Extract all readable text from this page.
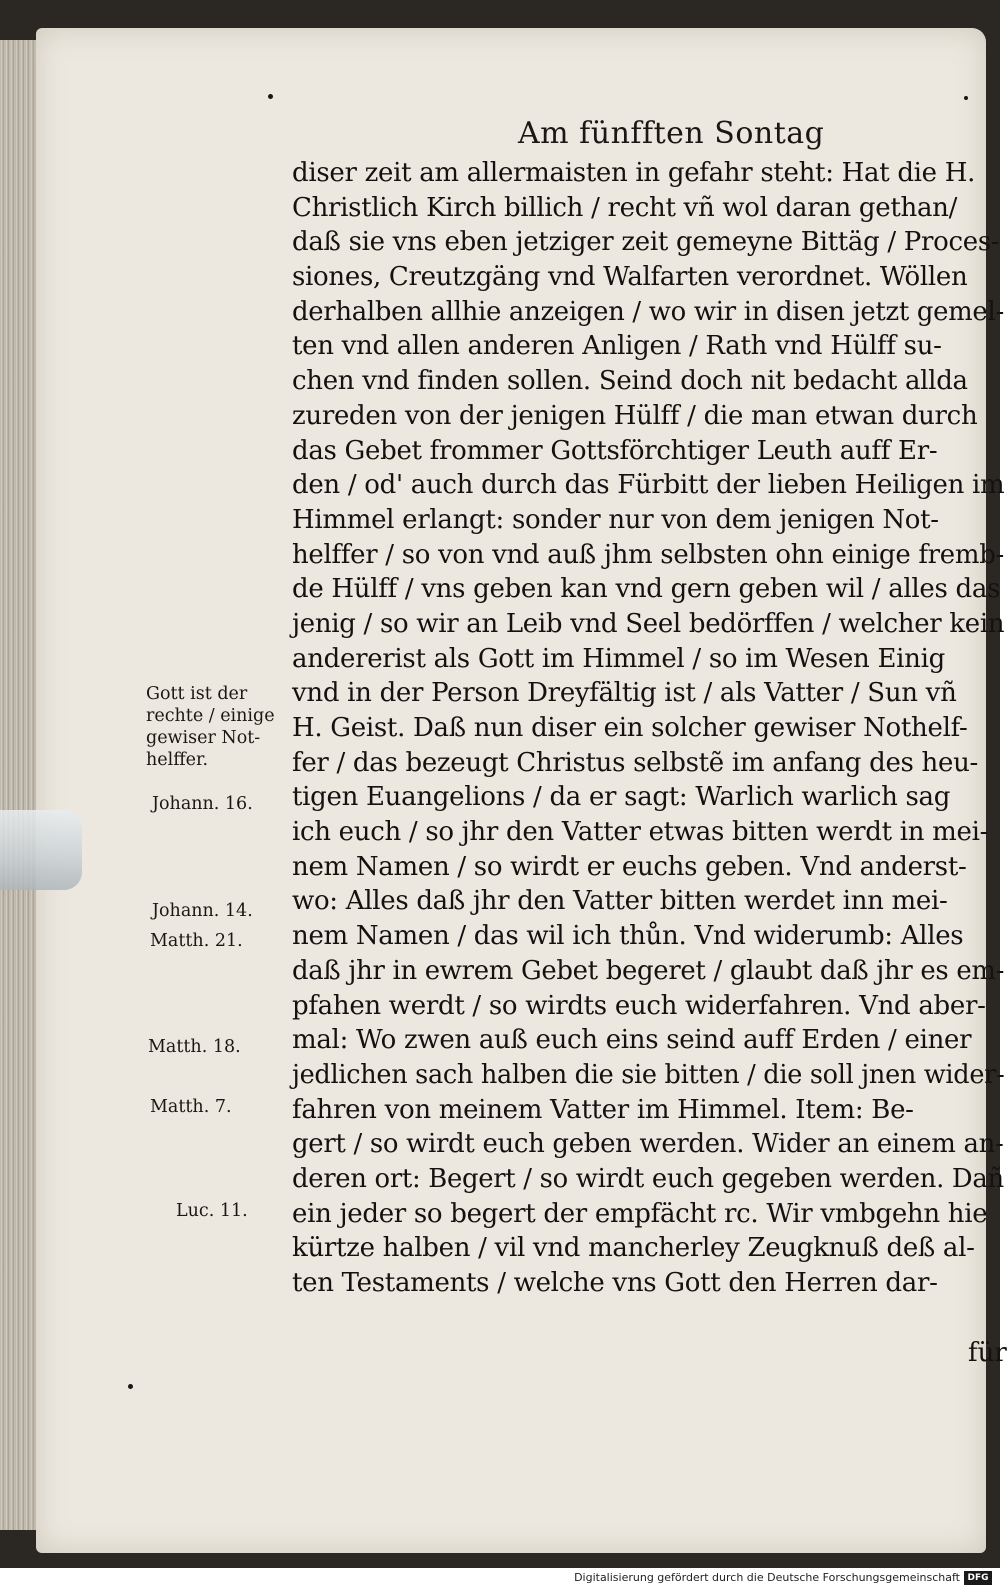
Am fünfften Sontag
diser zeit am allermaisten in gefahr steht: Hat die H.
Christlich Kirch billich / recht vñ wol daran gethan/
daß sie vns eben jetziger zeit gemeyne Bittäg / Proces-
siones, Creutzgäng vnd Walfarten verordnet. Wöllen
derhalben allhie anzeigen / wo wir in disen jetzt gemel-
ten vnd allen anderen Anligen / Rath vnd Hülff su-
chen vnd finden sollen. Seind doch nit bedacht allda
zureden von der jenigen Hülff / die man etwan durch
das Gebet frommer Gottsförchtiger Leuth auff Er-
den / od' auch durch das Fürbitt der lieben Heiligen im
Himmel erlangt: sonder nur von dem jenigen Not-
helffer / so von vnd auß jhm selbsten ohn einige fremb-
de Hülff / vns geben kan vnd gern geben wil / alles das
jenig / so wir an Leib vnd Seel bedörffen / welcher kein
andererist als Gott im Himmel / so im Wesen Einig
vnd in der Person Dreyfältig ist / als Vatter / Sun vñ
H. Geist. Daß nun diser ein solcher gewiser Nothelf-
fer / das bezeugt Christus selbstẽ im anfang des heu-
tigen Euangelions / da er sagt: Warlich warlich sag
ich euch / so jhr den Vatter etwas bitten werdt in mei-
nem Namen / so wirdt er euchs geben. Vnd anderst-
wo: Alles daß jhr den Vatter bitten werdet inn mei-
nem Namen / das wil ich thůn. Vnd widerumb: Alles
daß jhr in ewrem Gebet begeret / glaubt daß jhr es em-
pfahen werdt / so wirdts euch widerfahren. Vnd aber-
mal: Wo zwen auß euch eins seind auff Erden / einer
jedlichen sach halben die sie bitten / die soll jnen wider-
fahren von meinem Vatter im Himmel. Item: Be-
gert / so wirdt euch geben werden. Wider an einem an-
deren ort: Begert / so wirdt euch gegeben werden. Dañ
ein jeder so begert der empfächt rc. Wir vmbgehn hie
kürtze halben / vil vnd mancherley Zeugknuß deß al-
ten Testaments / welche vns Gott den Herren dar-
für
Gott ist der
rechte / einige
gewiser Not-
helffer.
Johann. 16.
Johann. 14.
Matth. 21.
Matth. 18.
Matth. 7.
Luc. 11.
Digitalisierung gefördert durch die Deutsche Forschungsgemeinschaft DFG
